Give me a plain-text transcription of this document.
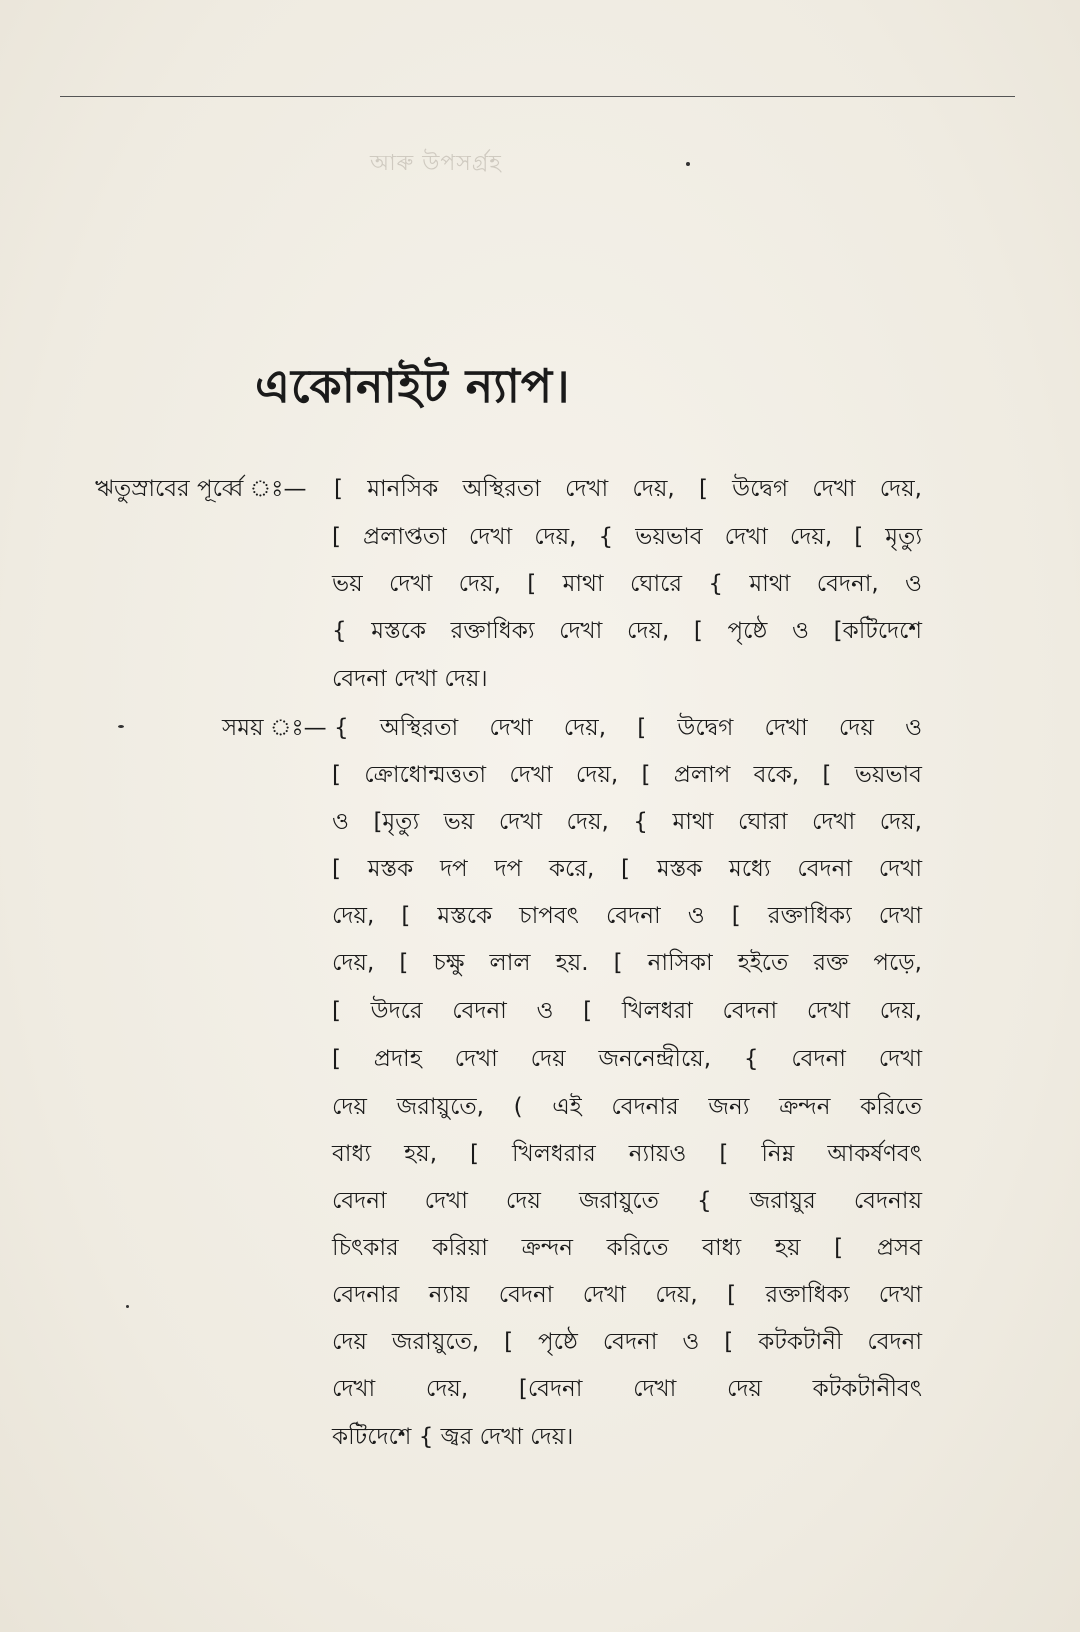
আৰু উপসৰ্গ্ৰহ
একোনাইট ন্যাপ।
ঋতুস্রাবের পূর্ব্বে ঃ— [ মানসিক অস্থিরতা দেখা দেয়, [ উদ্বেগ দেখা দেয়,
[ প্রলাপ্ততা দেখা দেয়, { ভয়ভাব দেখা দেয়, [ মৃত্যু
ভয় দেখা দেয়, [ মাথা ঘোরে { মাথা বেদনা, ও
{ মস্তকে রক্তাধিক্য দেখা দেয়, [ পৃষ্ঠে ও [কটিদেশে
বেদনা দেখা দেয়।
সময় ঃ— { অস্থিরতা দেখা দেয়, [ উদ্বেগ দেখা দেয় ও
[ ক্রোধোন্মত্ততা দেখা দেয়, [ প্রলাপ বকে, [ ভয়ভাব
ও [মৃত্যু ভয় দেখা দেয়, { মাথা ঘোরা দেখা দেয়,
[ মস্তক দপ দপ করে, [ মস্তক মধ্যে বেদনা দেখা
দেয়, [ মস্তকে চাপবৎ বেদনা ও [ রক্তাধিক্য দেখা
দেয়, [ চক্ষু লাল হয়. [ নাসিকা হইতে রক্ত পড়ে,
[ উদরে বেদনা ও [ খিলধরা বেদনা দেখা দেয়,
[ প্রদাহ দেখা দেয় জননেন্দ্রীয়ে, { বেদনা দেখা
দেয় জরায়ুতে, ( এই বেদনার জন্য ক্রন্দন করিতে
বাধ্য হয়, [ খিলধরার ন্যায়ও [ নিম্ন আকর্ষণবৎ
বেদনা দেখা দেয় জরায়ুতে { জরায়ুর বেদনায়
চিৎকার করিয়া ক্রন্দন করিতে বাধ্য হয় [ প্রসব
বেদনার ন্যায় বেদনা দেখা দেয়, [ রক্তাধিক্য দেখা
দেয় জরায়ুতে, [ পৃষ্ঠে বেদনা ও [ কটকটানী বেদনা
দেখা দেয়, [বেদনা দেখা দেয় কটকটানীবৎ
কটিদেশে { জ্বর দেখা দেয়।
